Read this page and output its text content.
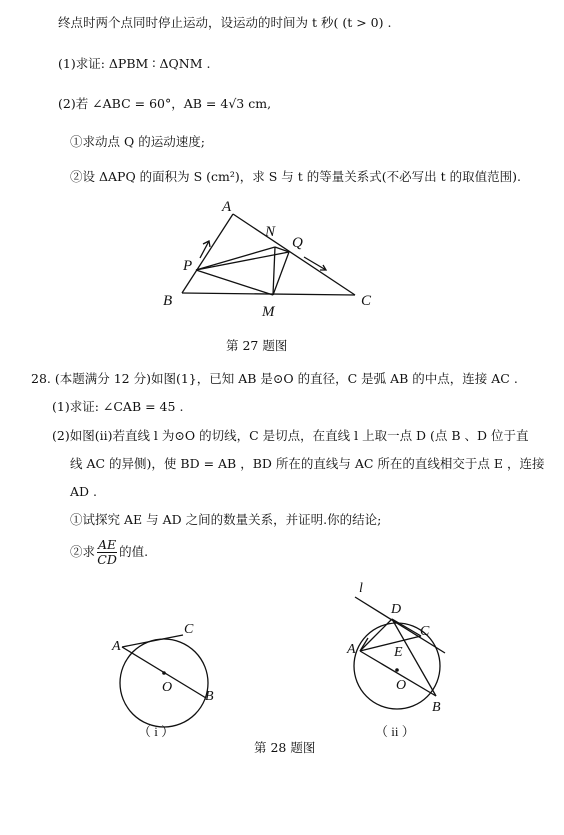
终点时两个点同时停止运动，设运动的时间为 t 秒( (t > 0) .
(1)求证: ΔPBM ∶ ΔQNM .
(2)若 ∠ABC = 60°，AB = 4√3 cm,
①求动点 Q 的运动速度;
②设 ΔAPQ 的面积为 S (cm²)，求 S 与 t 的等量关系式(不必写出 t 的取值范围).
A
N
Q
P
B
M
C
第 27 题图
28. (本题满分 12 分)如图(1}，已知 AB 是⊙O 的直径，C 是弧 AB 的中点，连接 AC .
(1)求证: ∠CAB = 45 .
(2)如图(ⅱ)若直线 l 为⊙O 的切线，C 是切点，在直线 l 上取一点 D (点 B 、D 位于直
线 AC 的异侧)，使 BD = AB ，BD 所在的直线与 AC 所在的直线相交于点 E ，连接
AD .
①试探究 AE 与 AD 之间的数量关系，并证明.你的结论;
②求 $\frac{AE}{CD}$ 的值.
A
C
O
B
（ i ）
l
D
A
C
E
O
B
（ ii ）
第 28 题图
